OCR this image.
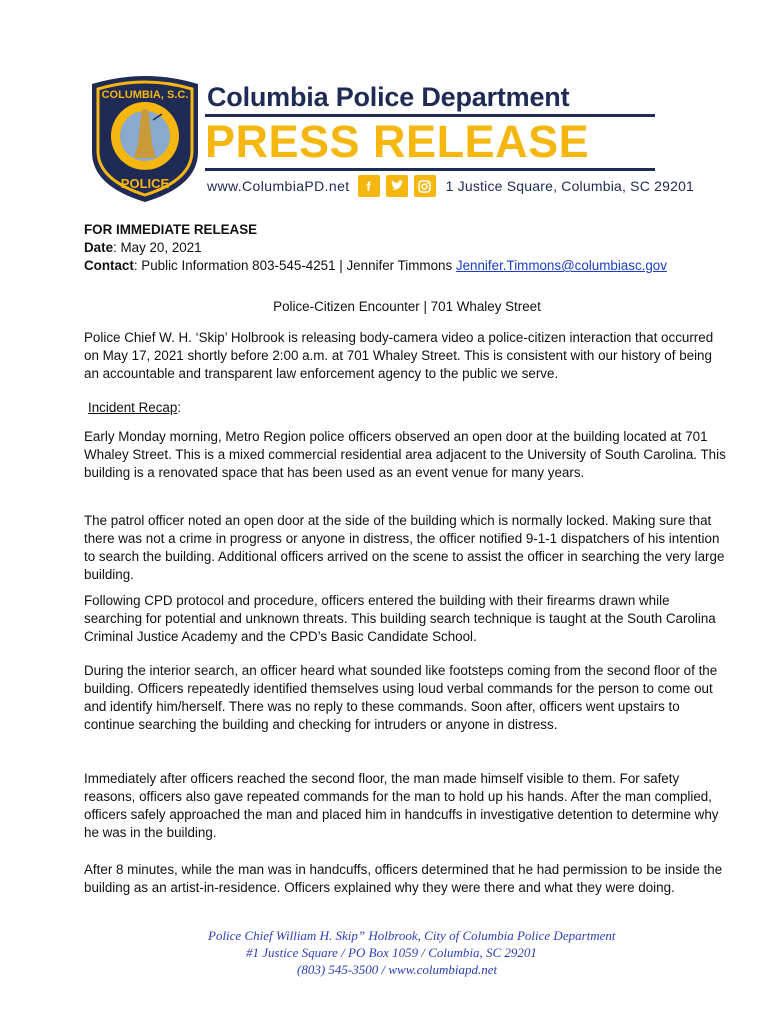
COLUMBIA, S.C.
JUSTITIA VIRTUTUM REGINA
POLICE
Columbia Police Department
PRESS RELEASE
www.ColumbiaPD.net	f	1 Justice Square, Columbia, SC 29201
FOR IMMEDIATE RELEASE
Date: May 20, 2021
Contact: Public Information 803-545-4251 | Jennifer Timmons Jennifer.Timmons@columbiasc.gov
Police-Citizen Encounter | 701 Whaley Street
Police Chief W. H. ‘Skip’ Holbrook is releasing body-camera video a police-citizen interaction that occurred on May 17, 2021 shortly before 2:00 a.m. at 701 Whaley Street. This is consistent with our history of being an accountable and transparent law enforcement agency to the public we serve.
Incident Recap:
Early Monday morning, Metro Region police officers observed an open door at the building located at 701 Whaley Street. This is a mixed commercial residential area adjacent to the University of South Carolina. This building is a renovated space that has been used as an event venue for many years.
The patrol officer noted an open door at the side of the building which is normally locked. Making sure that there was not a crime in progress or anyone in distress, the officer notified 9-1-1 dispatchers of his intention to search the building. Additional officers arrived on the scene to assist the officer in searching the very large building.
Following CPD protocol and procedure, officers entered the building with their firearms drawn while searching for potential and unknown threats. This building search technique is taught at the South Carolina Criminal Justice Academy and the CPD’s Basic Candidate School.
During the interior search, an officer heard what sounded like footsteps coming from the second floor of the building. Officers repeatedly identified themselves using loud verbal commands for the person to come out and identify him/herself. There was no reply to these commands. Soon after, officers went upstairs to continue searching the building and checking for intruders or anyone in distress.
Immediately after officers reached the second floor, the man made himself visible to them. For safety reasons, officers also gave repeated commands for the man to hold up his hands. After the man complied, officers safely approached the man and placed him in handcuffs in investigative detention to determine why he was in the building.
After 8 minutes, while the man was in handcuffs, officers determined that he had permission to be inside the building as an artist-in-residence. Officers explained why they were there and what they were doing.
Police Chief William H. Skip” Holbrook, City of Columbia Police Department
#1 Justice Square / PO Box 1059 / Columbia, SC 29201
(803) 545-3500 / www.columbiapd.net
